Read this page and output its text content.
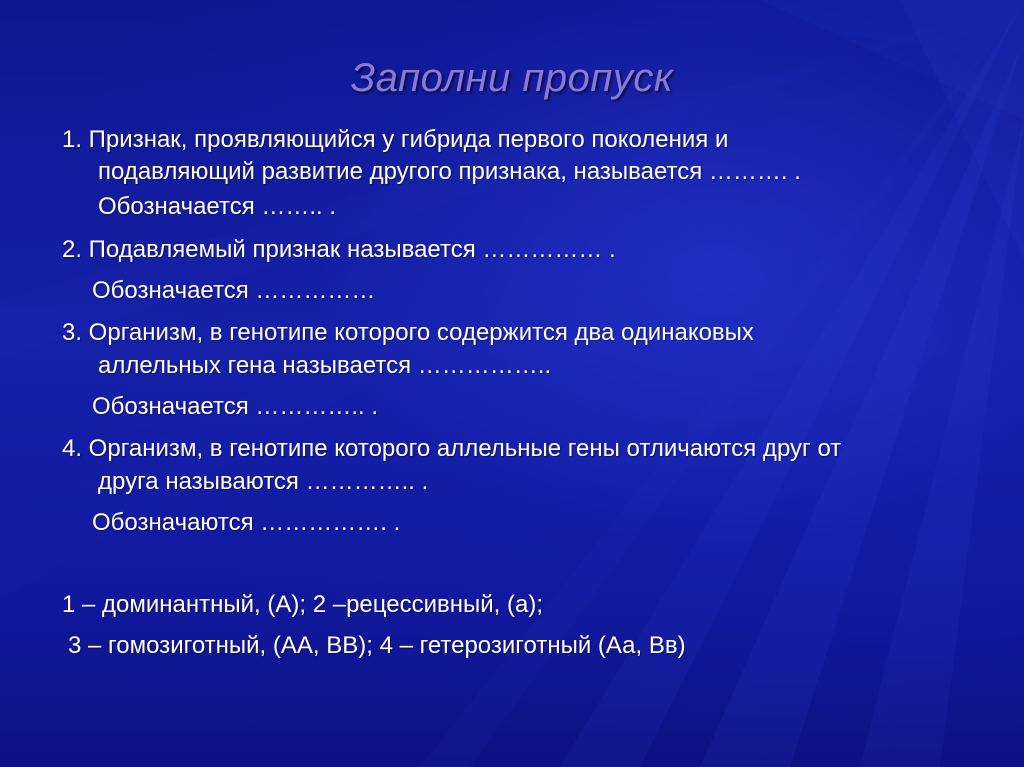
Заполни пропуск
1. Признак, проявляющийся у гибрида первого поколения и
подавляющий развитие другого признака, называется ………. .
Обозначается …….. .
2. Подавляемый признак называется …………… .
Обозначается ……………
3. Организм, в генотипе которого содержится два одинаковых
аллельных гена называется ……………..
Обозначается ………….. .
4. Организм, в генотипе которого аллельные гены отличаются друг от
друга называются ………….. .
Обозначаются ……………. .
1 – доминантный, (А); 2 –рецессивный, (а);
3 – гомозиготный, (АА, ВВ); 4 – гетерозиготный (Аа, Вв)
